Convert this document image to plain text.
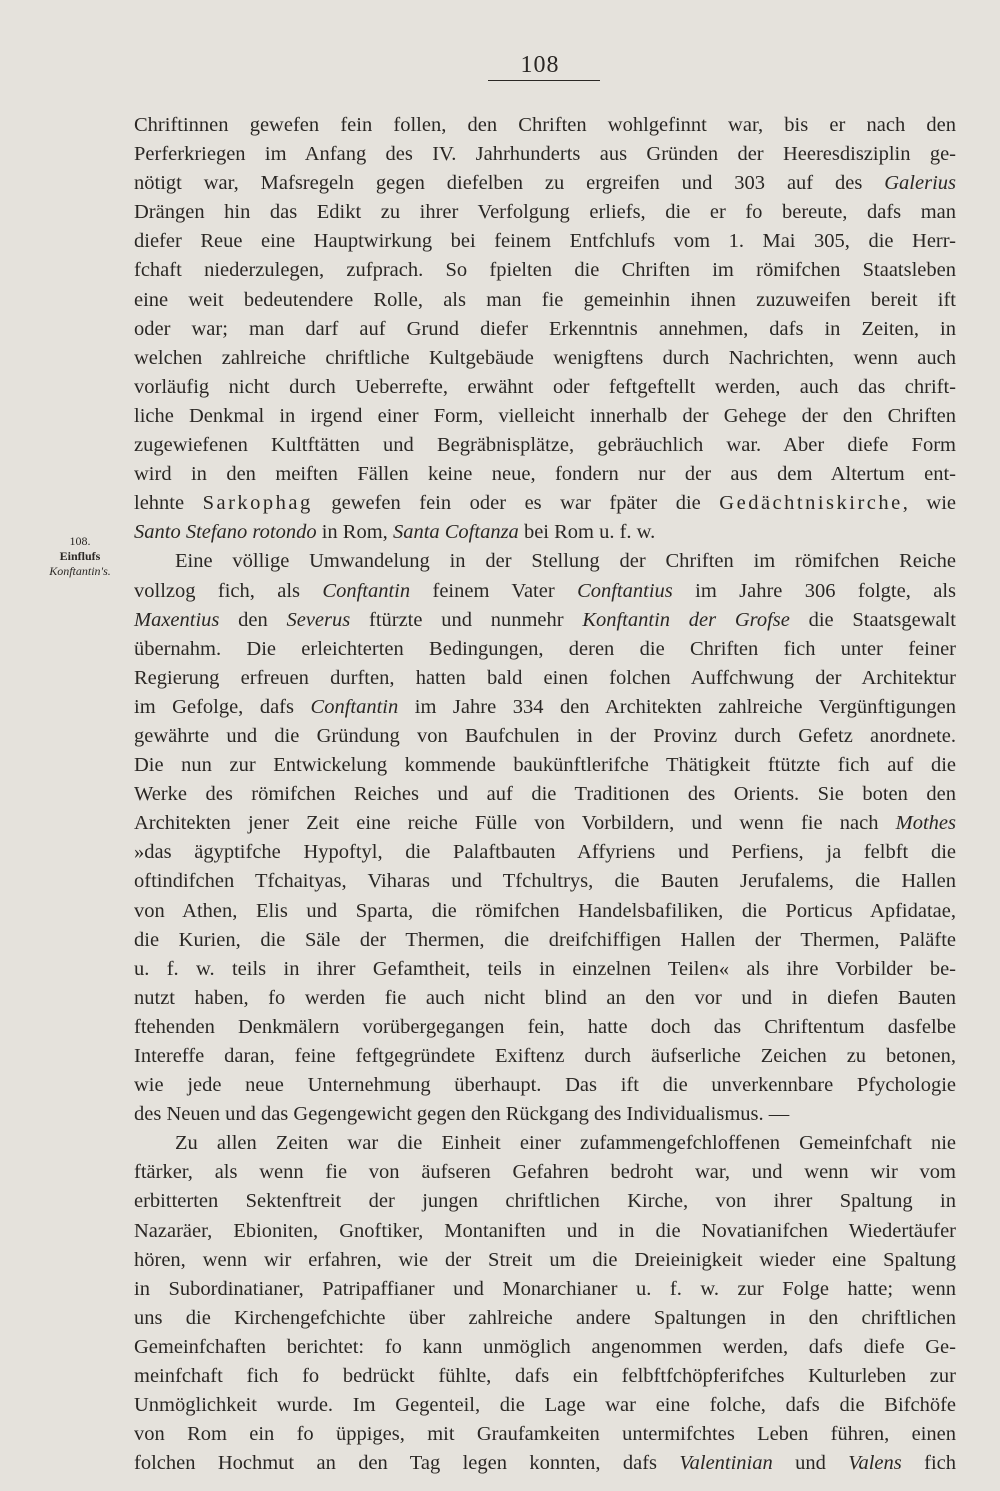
108
108.
Einflufs
Konftantin's.
Chriftinnen gewefen fein follen, den Chriften wohlgefinnt war, bis er nach den
Perferkriegen im Anfang des IV. Jahrhunderts aus Gründen der Heeresdisziplin ge-
nötigt war, Mafsregeln gegen diefelben zu ergreifen und 303 auf des Galerius
Drängen hin das Edikt zu ihrer Verfolgung erliefs, die er fo bereute, dafs man
diefer Reue eine Hauptwirkung bei feinem Entfchlufs vom 1. Mai 305, die Herr-
fchaft niederzulegen, zufprach. So fpielten die Chriften im römifchen Staatsleben
eine weit bedeutendere Rolle, als man fie gemeinhin ihnen zuzuweifen bereit ift
oder war; man darf auf Grund diefer Erkenntnis annehmen, dafs in Zeiten, in
welchen zahlreiche chriftliche Kultgebäude wenigftens durch Nachrichten, wenn auch
vorläufig nicht durch Ueberrefte, erwähnt oder feftgeftellt werden, auch das chrift-
liche Denkmal in irgend einer Form, vielleicht innerhalb der Gehege der den Chriften
zugewiefenen Kultftätten und Begräbnisplätze, gebräuchlich war. Aber diefe Form
wird in den meiften Fällen keine neue, fondern nur der aus dem Altertum ent-
lehnte Sarkophag gewefen fein oder es war fpäter die Gedächtniskirche, wie
Santo Stefano rotondo in Rom, Santa Coftanza bei Rom u. f. w.
  Eine völlige Umwandelung in der Stellung der Chriften im römifchen Reiche
vollzog fich, als Conftantin feinem Vater Conftantius im Jahre 306 folgte, als
Maxentius den Severus ftürzte und nunmehr Konftantin der Grofse die Staatsgewalt
übernahm. Die erleichterten Bedingungen, deren die Chriften fich unter feiner
Regierung erfreuen durften, hatten bald einen folchen Auffchwung der Architektur
im Gefolge, dafs Conftantin im Jahre 334 den Architekten zahlreiche Vergünftigungen
gewährte und die Gründung von Baufchulen in der Provinz durch Gefetz anordnete.
Die nun zur Entwickelung kommende baukünftlerifche Thätigkeit ftützte fich auf die
Werke des römifchen Reiches und auf die Traditionen des Orients. Sie boten den
Architekten jener Zeit eine reiche Fülle von Vorbildern, und wenn fie nach Mothes
»das ägyptifche Hypoftyl, die Palaftbauten Affyriens und Perfiens, ja felbft die
oftindifchen Tfchaityas, Viharas und Tfchultrys, die Bauten Jerufalems, die Hallen
von Athen, Elis und Sparta, die römifchen Handelsbafiliken, die Porticus Apfidatae,
die Kurien, die Säle der Thermen, die dreifchiffigen Hallen der Thermen, Paläfte
u. f. w. teils in ihrer Gefamtheit, teils in einzelnen Teilen« als ihre Vorbilder be-
nutzt haben, fo werden fie auch nicht blind an den vor und in diefen Bauten
ftehenden Denkmälern vorübergegangen fein, hatte doch das Chriftentum dasfelbe
Intereffe daran, feine feftgegründete Exiftenz durch äufserliche Zeichen zu betonen,
wie jede neue Unternehmung überhaupt. Das ift die unverkennbare Pfychologie
des Neuen und das Gegengewicht gegen den Rückgang des Individualismus. —
  Zu allen Zeiten war die Einheit einer zufammengefchloffenen Gemeinfchaft nie
ftärker, als wenn fie von äufseren Gefahren bedroht war, und wenn wir vom
erbitterten Sektenftreit der jungen chriftlichen Kirche, von ihrer Spaltung in
Nazaräer, Ebioniten, Gnoftiker, Montaniften und in die Novatianifchen Wiedertäufer
hören, wenn wir erfahren, wie der Streit um die Dreieinigkeit wieder eine Spaltung
in Subordinatianer, Patripaffianer und Monarchianer u. f. w. zur Folge hatte; wenn
uns die Kirchengefchichte über zahlreiche andere Spaltungen in den chriftlichen
Gemeinfchaften berichtet: fo kann unmöglich angenommen werden, dafs diefe Ge-
meinfchaft fich fo bedrückt fühlte, dafs ein felbftfchöpferifches Kulturleben zur
Unmöglichkeit wurde. Im Gegenteil, die Lage war eine folche, dafs die Bifchöfe
von Rom ein fo üppiges, mit Graufamkeiten untermifchtes Leben führen, einen
folchen Hochmut an den Tag legen konnten, dafs Valentinian und Valens fich
